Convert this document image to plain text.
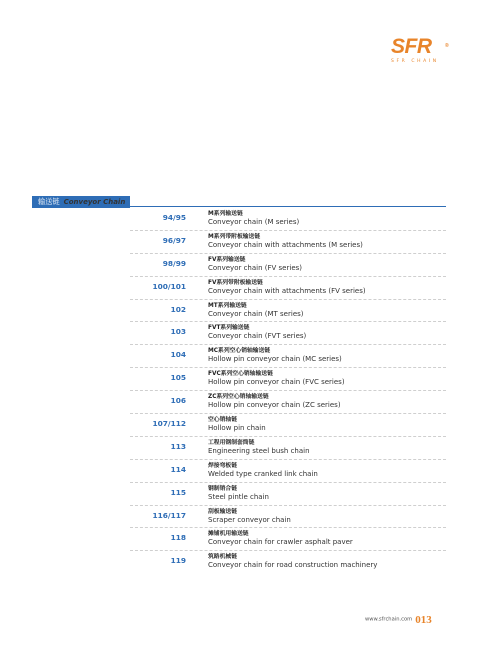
SFR	®
SFR CHAIN
输送链 Conveyor Chain
94/95	M系列输送链
Conveyor chain (M series)
96/97	M系列带附板输送链
Conveyor chain with attachments (M series)
98/99	FV系列输送链
Conveyor chain (FV series)
100/101	FV系列带附板输送链
Conveyor chain with attachments (FV series)
102	MT系列输送链
Conveyor chain (MT series)
103	FVT系列输送链
Conveyor chain (FVT series)
104	MC系列空心销轴输送链
Hollow pin conveyor chain (MC series)
105	FVC系列空心销轴输送链
Hollow pin conveyor chain (FVC series)
106	ZC系列空心销轴输送链
Hollow pin conveyor chain (ZC series)
107/112	空心销轴链
Hollow pin chain
113	工程用钢制套筒链
Engineering steel bush chain
114	焊接弯板链
Welded type cranked link chain
115	钢制销合链
Steel pintle chain
116/117	刮板输送链
Scraper conveyor chain
118	摊铺机用输送链
Conveyor chain for crawler asphalt paver
119	筑路机械链
Conveyor chain for road construction machinery
www.sfrchain.com 013
